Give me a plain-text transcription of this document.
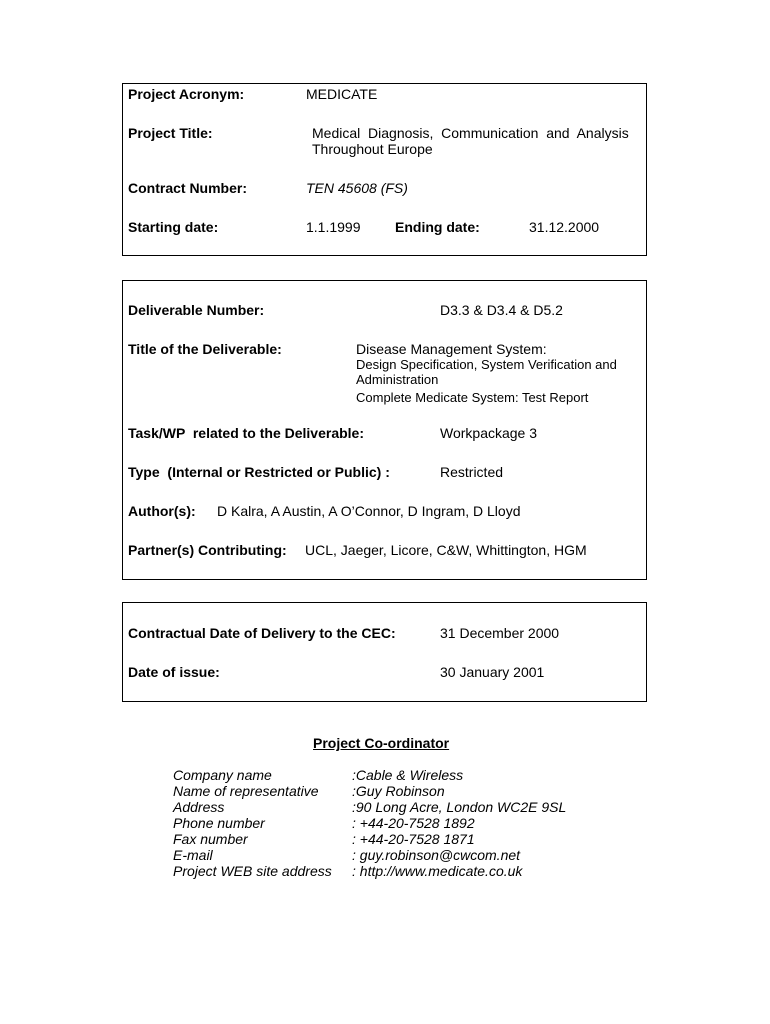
Project Acronym:	MEDICATE
Project Title:	Medical  Diagnosis,  Communication  and  Analysis
Throughout Europe
Contract Number:	TEN 45608 (FS)
Starting date:	1.1.1999 Ending date:	31.12.2000
Deliverable Number:	D3.3 & D3.4 & D5.2
Title of the Deliverable:	Disease Management System:
Design Specification, System Verification and
Administration
Complete Medicate System: Test Report
Task/WP  related to the Deliverable:	Workpackage 3
Type  (Internal or Restricted or Public) :	Restricted
Author(s): D Kalra, A Austin, A O’Connor, D Ingram, D Lloyd
Partner(s) Contributing: UCL, Jaeger, Licore, C&W, Whittington, HGM
Contractual Date of Delivery to the CEC:	31 December 2000
Date of issue:	30 January 2001
Project Co-ordinator
Company name	:Cable & Wireless
Name of representative :Guy Robinson
Address	:90 Long Acre, London WC2E 9SL
Phone number	: +44-20-7528 1892
Fax number	: +44-20-7528 1871
E-mail	: guy.robinson@cwcom.net
Project WEB site address : http://www.medicate.co.uk
